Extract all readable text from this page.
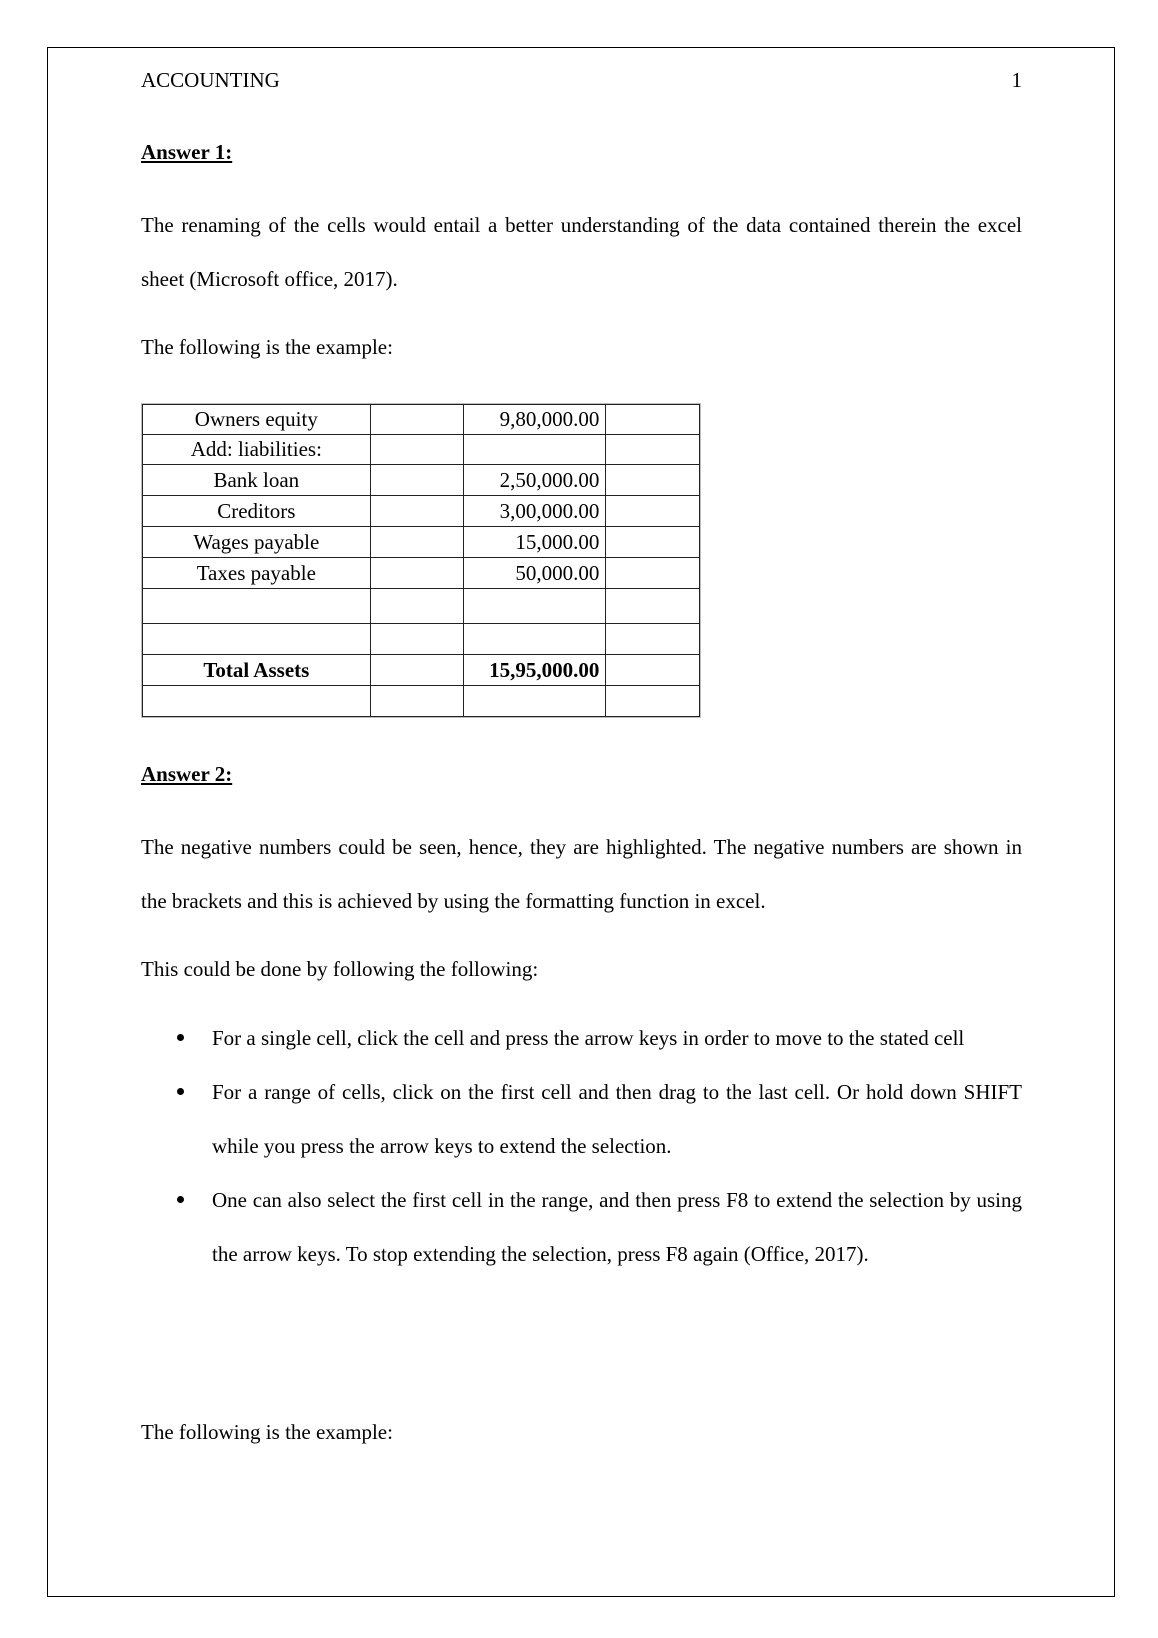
ACCOUNTING	1
Answer 1:
The renaming of the cells would entail a better understanding of the data contained therein the excel sheet (Microsoft office, 2017).
The following is the example:
Owners equity		9,80,000.00	
Add: liabilities:			
Bank loan		2,50,000.00	
Creditors		3,00,000.00	
Wages payable		15,000.00	
Taxes payable		50,000.00	

Total Assets		15,95,000.00	

Answer 2:
The negative numbers could be seen, hence, they are highlighted. The negative numbers are shown in the brackets and this is achieved by using the formatting function in excel.
This could be done by following the following:
For a single cell, click the cell and press the arrow keys in order to move to the stated cell
For a range of cells, click on the first cell and then drag to the last cell. Or hold down SHIFT while you press the arrow keys to extend the selection.
One can also select the first cell in the range, and then press F8 to extend the selection by using the arrow keys. To stop extending the selection, press F8 again (Office, 2017).
The following is the example:
